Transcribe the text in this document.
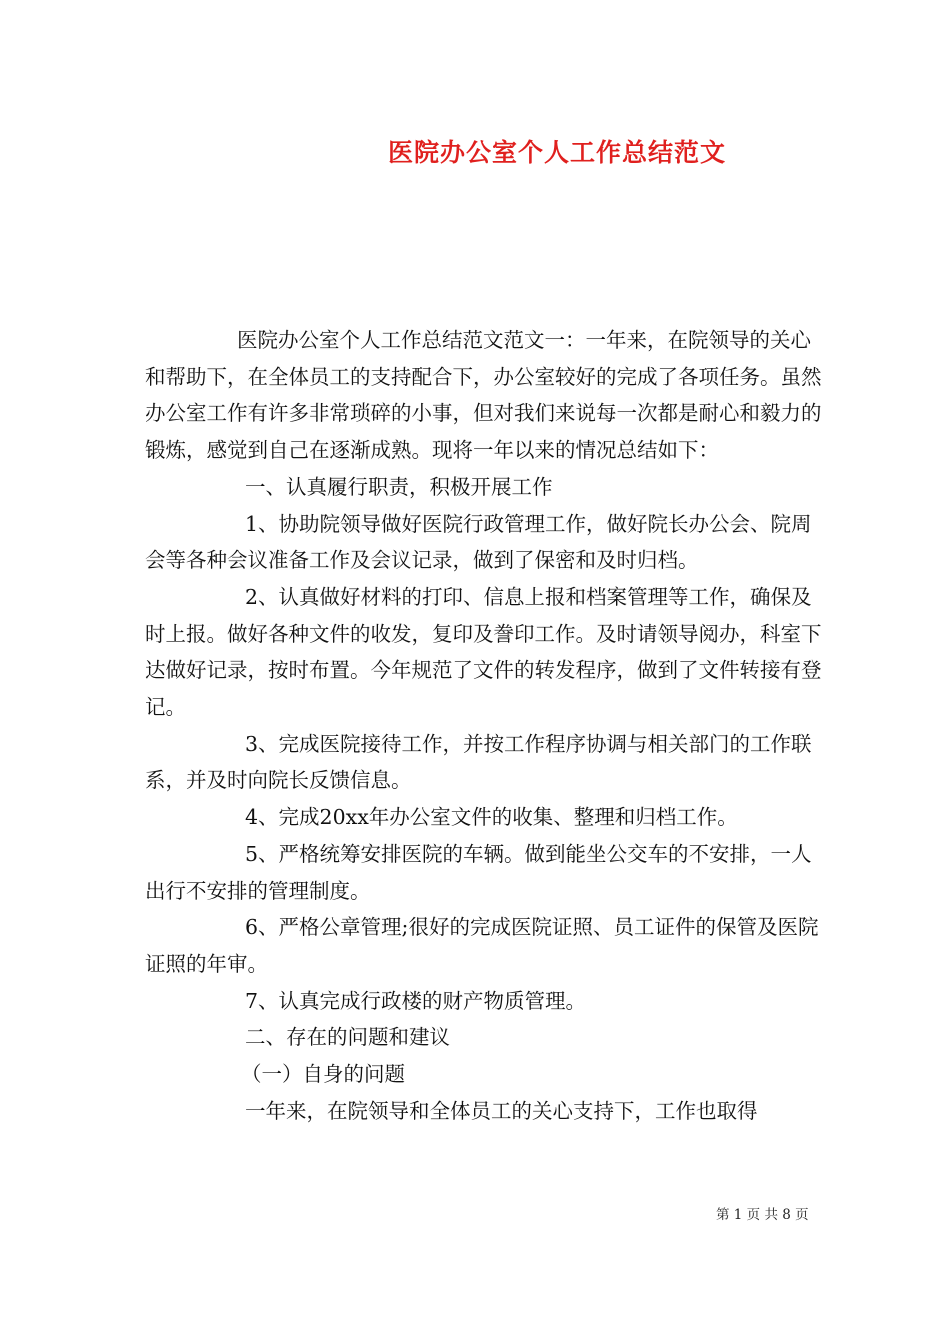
医院办公室个人工作总结范文

医院办公室个人工作总结范文范文一：一年来，在院领导的关心和帮助下，在全体员工的支持配合下，办公室较好的完成了各项任务。虽然办公室工作有许多非常琐碎的小事，但对我们来说每一次都是耐心和毅力的锻炼，感觉到自己在逐渐成熟。现将一年以来的情况总结如下：

一、认真履行职责，积极开展工作

1、协助院领导做好医院行政管理工作，做好院长办公会、院周会等各种会议准备工作及会议记录，做到了保密和及时归档。

2、认真做好材料的打印、信息上报和档案管理等工作，确保及时上报。做好各种文件的收发，复印及誊印工作。及时请领导阅办，科室下达做好记录，按时布置。今年规范了文件的转发程序，做到了文件转接有登记。

3、完成医院接待工作，并按工作程序协调与相关部门的工作联系，并及时向院长反馈信息。

4、完成20xx年办公室文件的收集、整理和归档工作。

5、严格统筹安排医院的车辆。做到能坐公交车的不安排，一人出行不安排的管理制度。

6、严格公章管理;很好的完成医院证照、员工证件的保管及医院证照的年审。

7、认真完成行政楼的财产物质管理。

二、存在的问题和建议

（一）自身的问题

一年来，在院领导和全体员工的关心支持下，工作也取得

第 1 页 共 8 页
